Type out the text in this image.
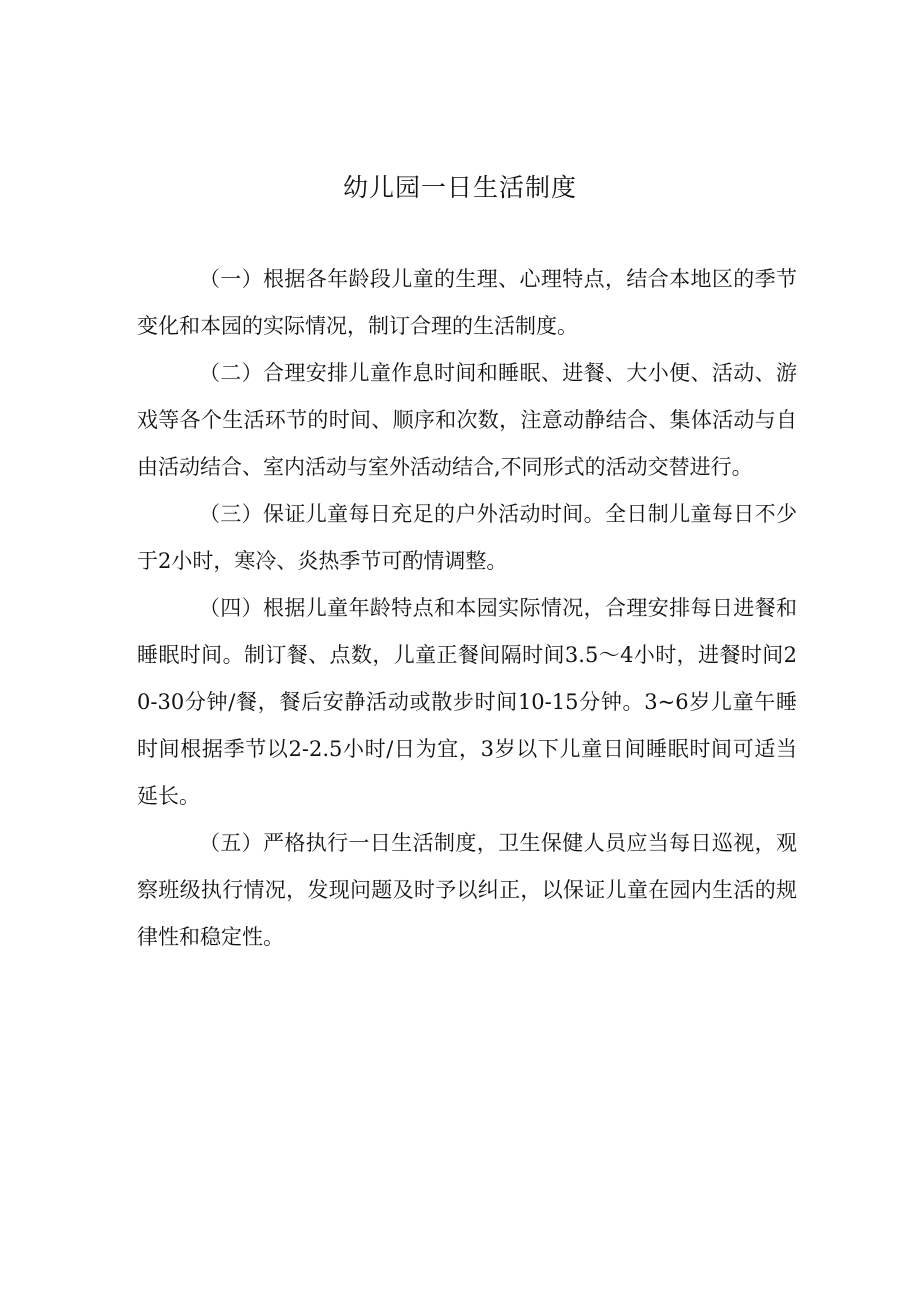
幼儿园一日生活制度

（一）根据各年龄段儿童的生理、心理特点，结合本地区的季节变化和本园的实际情况，制订合理的生活制度。

（二）合理安排儿童作息时间和睡眠、进餐、大小便、活动、游戏等各个生活环节的时间、顺序和次数，注意动静结合、集体活动与自由活动结合、室内活动与室外活动结合,不同形式的活动交替进行。

（三）保证儿童每日充足的户外活动时间。全日制儿童每日不少于2小时，寒冷、炎热季节可酌情调整。

（四）根据儿童年龄特点和本园实际情况，合理安排每日进餐和睡眠时间。制订餐、点数，儿童正餐间隔时间3.5～4小时，进餐时间20-30分钟/餐，餐后安静活动或散步时间10-15分钟。3~6岁儿童午睡时间根据季节以2-2.5小时/日为宜，3岁以下儿童日间睡眠时间可适当延长。

（五）严格执行一日生活制度，卫生保健人员应当每日巡视，观察班级执行情况，发现问题及时予以纠正，以保证儿童在园内生活的规律性和稳定性。
